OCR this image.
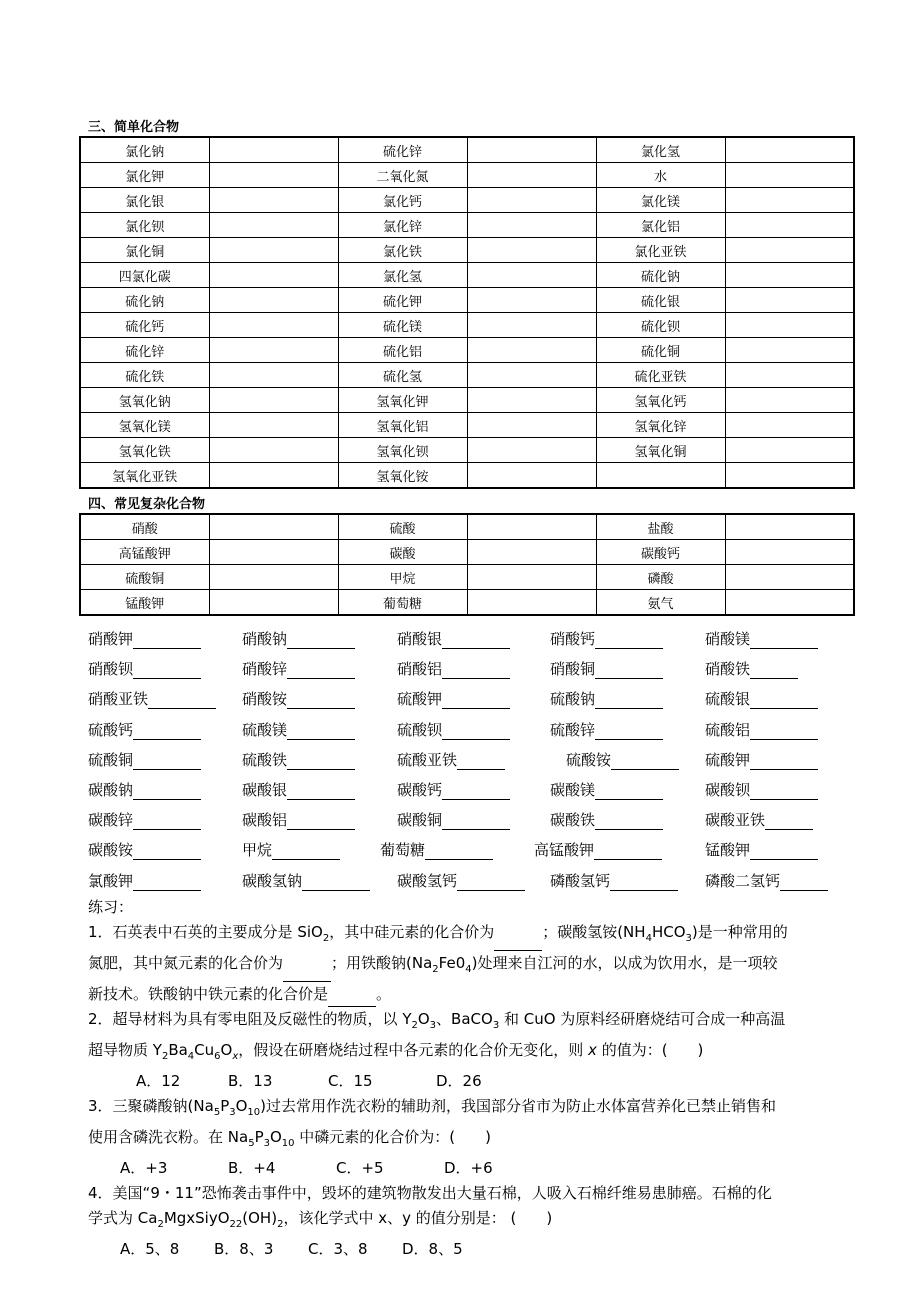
三、简单化合物
氯化钠		硫化锌		氯化氢	
氯化钾		二氧化氮		水	
氯化银		氯化钙		氯化镁	
氯化钡		氯化锌		氯化铝	
氯化铜		氯化铁		氯化亚铁	
四氯化碳		氯化氢		硫化钠	
硫化钠		硫化钾		硫化银	
硫化钙		硫化镁		硫化钡	
硫化锌		硫化铝		硫化铜	
硫化铁		硫化氢		硫化亚铁	
氢氧化钠		氢氧化钾		氢氧化钙	
氢氧化镁		氢氧化铝		氢氧化锌	
氢氧化铁		氢氧化钡		氢氧化铜	
氢氧化亚铁		氢氧化铵			
四、常见复杂化合物
硝酸		硫酸		盐酸	
高锰酸钾		碳酸		碳酸钙	
硫酸铜		甲烷		磷酸	
锰酸钾		葡萄糖		氨气	
硝酸钾	硝酸钠	硝酸银	硝酸钙	硝酸镁
硝酸钡	硝酸锌	硝酸铝	硝酸铜	硝酸铁
硝酸亚铁	硝酸铵	硫酸钾	硫酸钠	硫酸银
硫酸钙	硫酸镁	硫酸钡	硫酸锌	硫酸铝
硫酸铜	硫酸铁	硫酸亚铁	硫酸铵	硫酸钾
碳酸钠	碳酸银	碳酸钙	碳酸镁	碳酸钡
碳酸锌	碳酸铝	碳酸铜	碳酸铁	碳酸亚铁
碳酸铵	甲烷	葡萄糖	高锰酸钾	锰酸钾
氯酸钾	碳酸氢钠	碳酸氢钙	磷酸氢钙	磷酸二氢钙
练习：
1．石英表中石英的主要成分是 SiO$_2$，其中硅元素的化合价为	；碳酸氢铵$(NH_4HCO_3)$是一种常用的
氮肥，其中氮元素的化合价为	；用铁酸钠$(Na_2Fe0_4)$处理来自江河的水，以成为饮用水，是一项较
新技术。铁酸钠中铁元素的化合价是	。
2．超导材料为具有零电阻及反磁性的物质，以 $Y_2O_3$、BaCO$_3$ 和 CuO 为原料经研磨烧结可合成一种高温
超导物质 $Y_2Ba_4Cu_6O_x$，假设在研磨烧结过程中各元素的化合价无变化，则 x 的值为：(　　)
A．12	B．13	C．15	D．26
3．三聚磷酸钠$(Na_5P_3O_{10})$过去常用作洗衣粉的辅助剂，我国部分省市为防止水体富营养化已禁止销售和
使用含磷洗衣粉。在 $Na_5P_3O_{10}$ 中磷元素的化合价为：(　　)
A．+3	B．+4	C．+5	D．+6
4．美国“9・11”恐怖袭击事件中，毁坏的建筑物散发出大量石棉，人吸入石棉纤维易患肺癌。石棉的化
学式为 $Ca_2MgxSiyO_{22}(OH)_2$，该化学式中 x、y 的值分别是： (　　)
A．5、8 B．8、3 C．3、8 D．8、5
